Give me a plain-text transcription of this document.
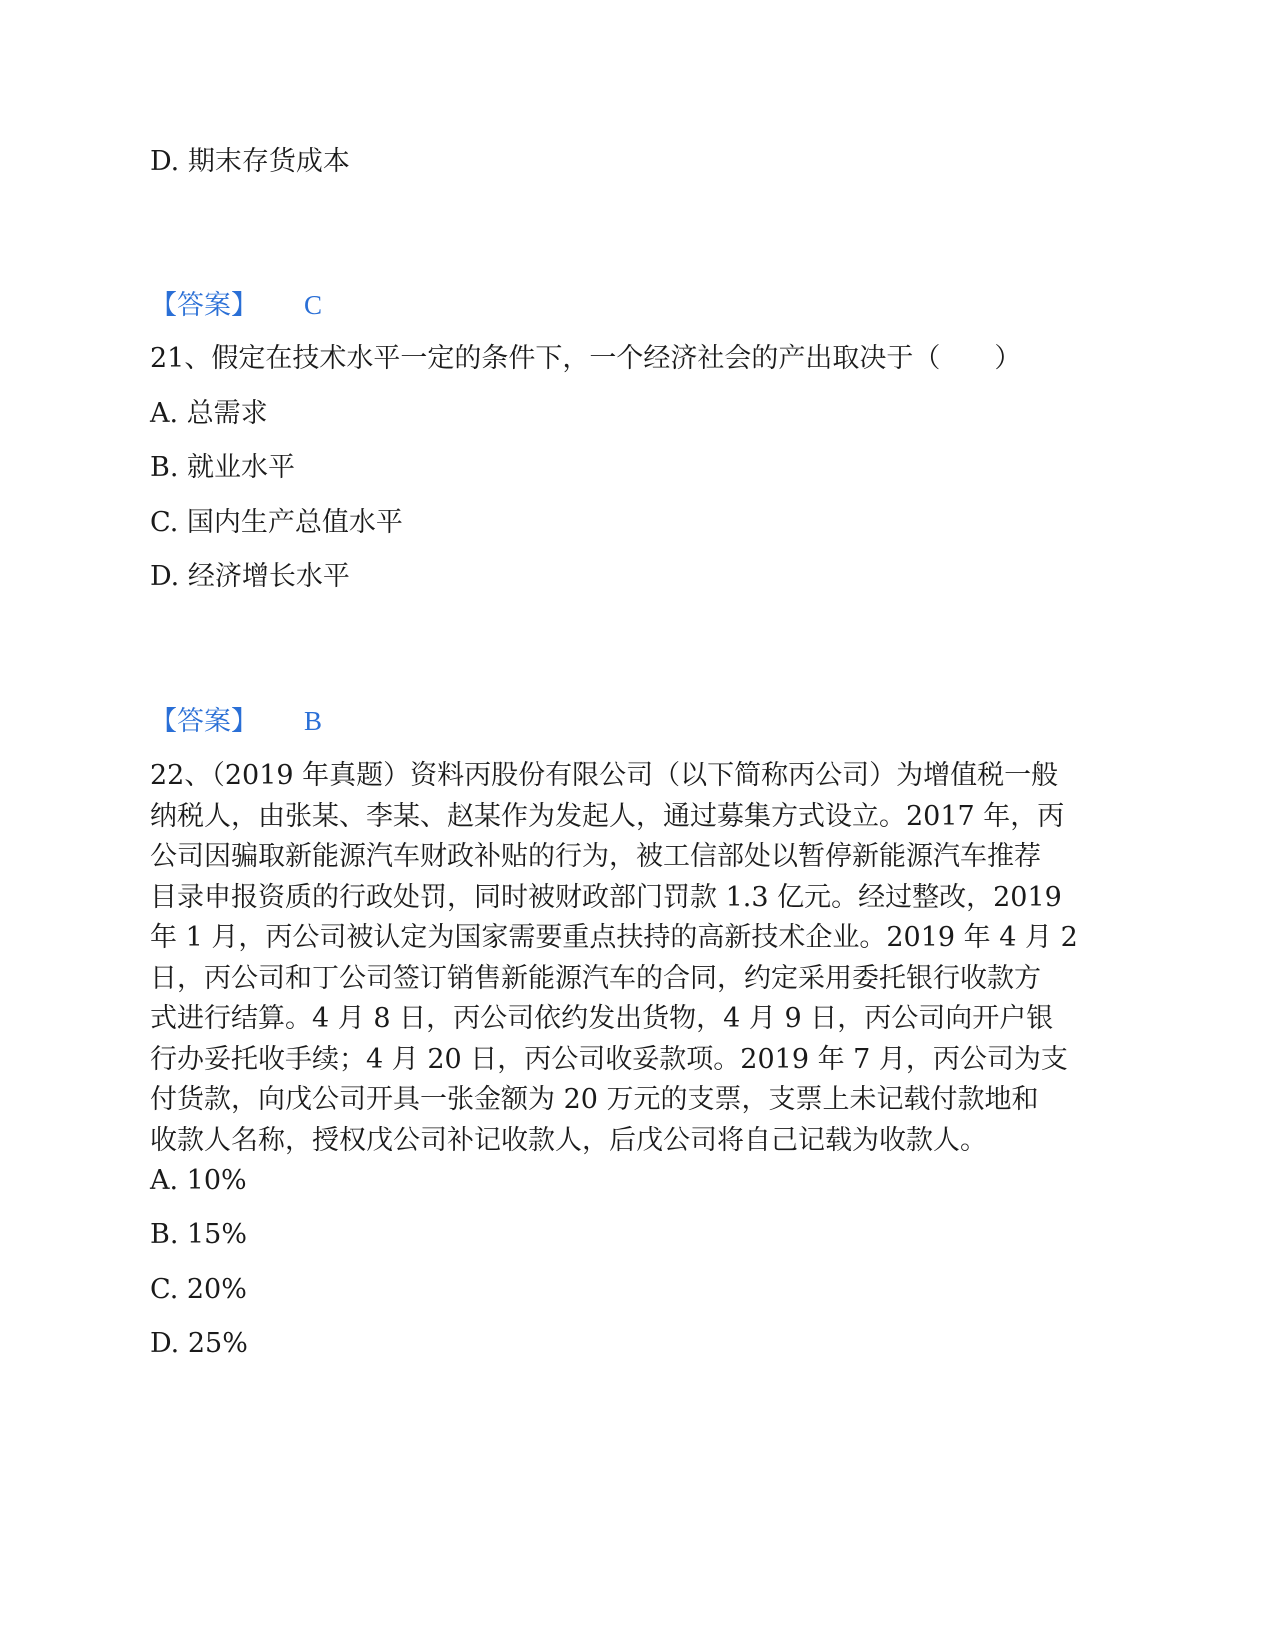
D. 期末存货成本
【答案】 C
21、假定在技术水平一定的条件下，一个经济社会的产出取决于（　　）
A. 总需求
B. 就业水平
C. 国内生产总值水平
D. 经济增长水平
【答案】 B
22、（2019 年真题）资料丙股份有限公司（以下简称丙公司）为增值税一般
纳税人，由张某、李某、赵某作为发起人，通过募集方式设立。2017 年，丙
公司因骗取新能源汽车财政补贴的行为，被工信部处以暂停新能源汽车推荐
目录申报资质的行政处罚，同时被财政部门罚款 1.3 亿元。经过整改，2019
年 1 月，丙公司被认定为国家需要重点扶持的高新技术企业。2019 年 4 月 2
日，丙公司和丁公司签订销售新能源汽车的合同，约定采用委托银行收款方
式进行结算。4 月 8 日，丙公司依约发出货物，4 月 9 日，丙公司向开户银
行办妥托收手续；4 月 20 日，丙公司收妥款项。2019 年 7 月，丙公司为支
付货款，向戊公司开具一张金额为 20 万元的支票，支票上未记载付款地和
收款人名称，授权戊公司补记收款人，后戊公司将自己记载为收款人。
A. 10%
B. 15%
C. 20%
D. 25%
